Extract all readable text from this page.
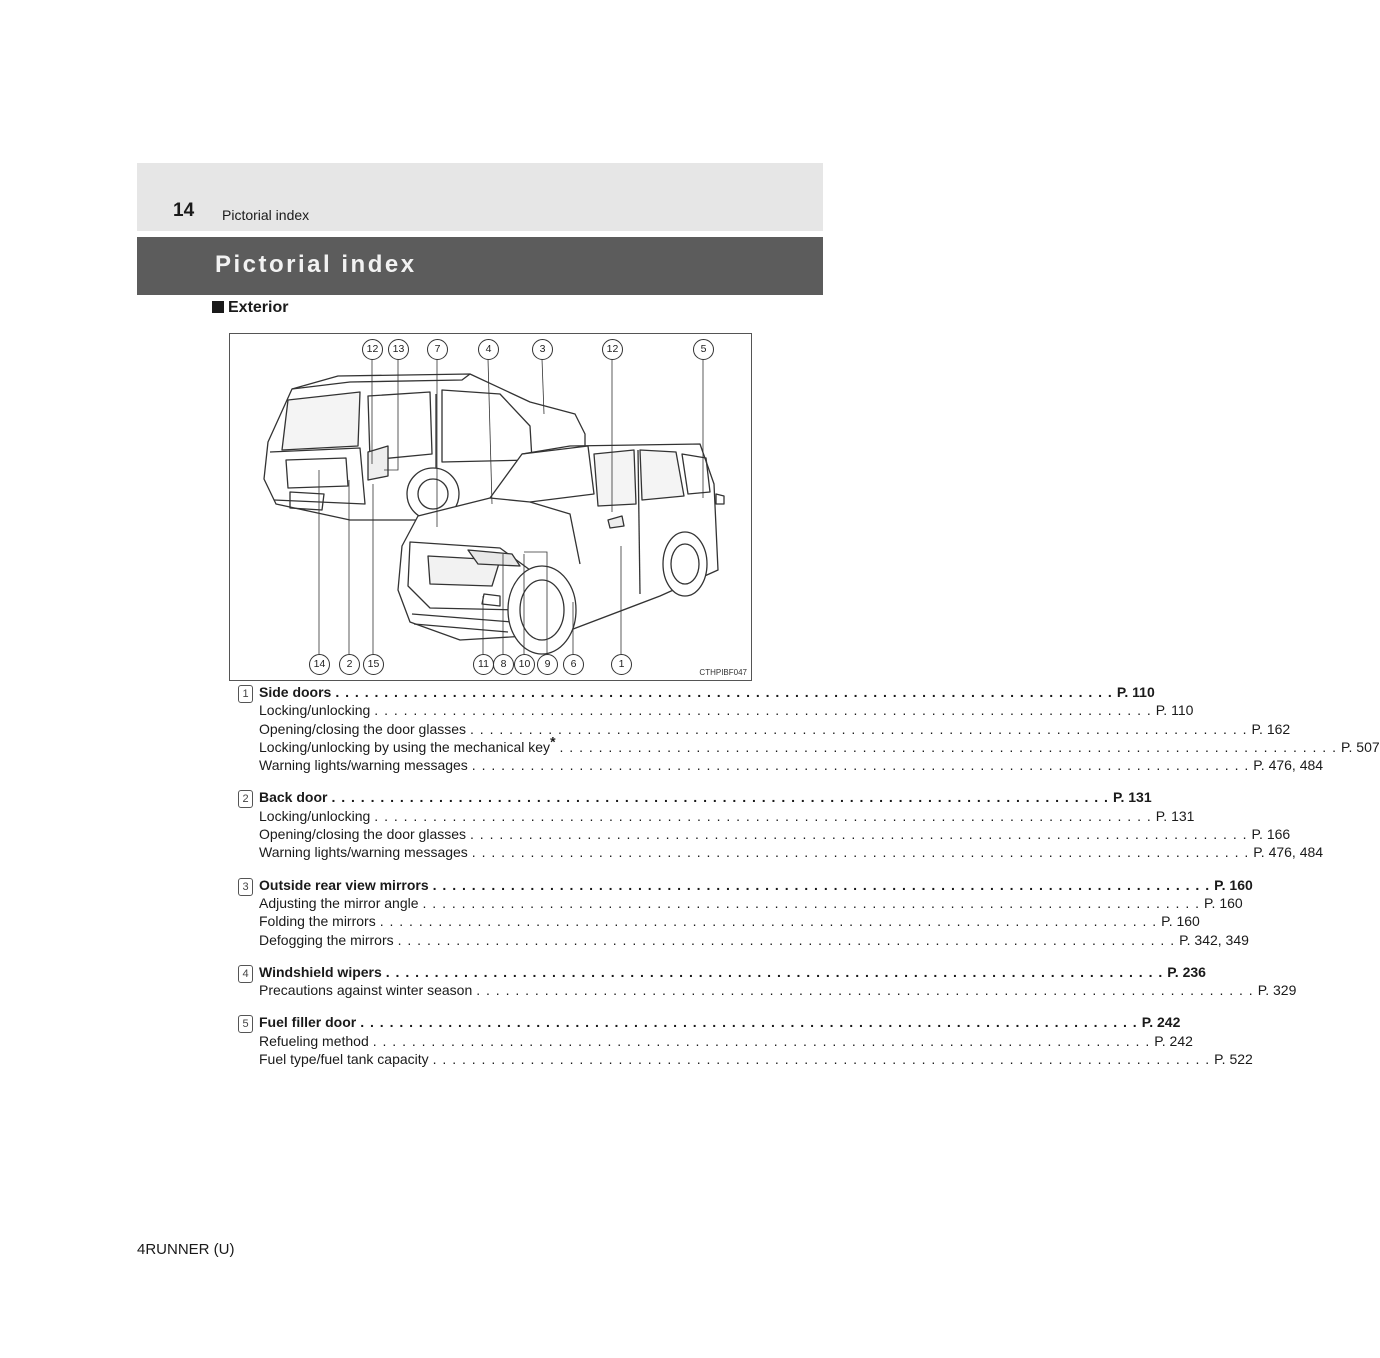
14 Pictorial index
Pictorial index
Exterior
12	13	7	4	3	12	5
14	2	15	11	8	10	9	6	1
CTHPIBF047
1 Side doors . . . . . . . . . . . . . . . . . . . . . . . . . . . . . . . . . . . . . . . . . . . . . . . . . . . . . . . . . . . . . . . . . . . . . . . . . . . . . . . . P. 110
Locking/unlocking . . . . . . . . . . . . . . . . . . . . . . . . . . . . . . . . . . . . . . . . . . . . . . . . . . . . . . . . . . . . . . . . . . . . . . . . . . . . . . . . P. 110
Opening/closing the door glasses . . . . . . . . . . . . . . . . . . . . . . . . . . . . . . . . . . . . . . . . . . . . . . . . . . . . . . . . . . . . . . . . . . . . . . . . . . . . . . . . P. 162
Locking/unlocking by using the mechanical key* . . . . . . . . . . . . . . . . . . . . . . . . . . . . . . . . . . . . . . . . . . . . . . . . . . . . . . . . . . . . . . . . . . . . . . . . . . . . . . . . P. 507
Warning lights/warning messages . . . . . . . . . . . . . . . . . . . . . . . . . . . . . . . . . . . . . . . . . . . . . . . . . . . . . . . . . . . . . . . . . . . . . . . . . . . . . . . . P. 476, 484
2 Back door . . . . . . . . . . . . . . . . . . . . . . . . . . . . . . . . . . . . . . . . . . . . . . . . . . . . . . . . . . . . . . . . . . . . . . . . . . . . . . . . P. 131
Locking/unlocking . . . . . . . . . . . . . . . . . . . . . . . . . . . . . . . . . . . . . . . . . . . . . . . . . . . . . . . . . . . . . . . . . . . . . . . . . . . . . . . . P. 131
Opening/closing the door glasses . . . . . . . . . . . . . . . . . . . . . . . . . . . . . . . . . . . . . . . . . . . . . . . . . . . . . . . . . . . . . . . . . . . . . . . . . . . . . . . . P. 166
Warning lights/warning messages . . . . . . . . . . . . . . . . . . . . . . . . . . . . . . . . . . . . . . . . . . . . . . . . . . . . . . . . . . . . . . . . . . . . . . . . . . . . . . . . P. 476, 484
3 Outside rear view mirrors . . . . . . . . . . . . . . . . . . . . . . . . . . . . . . . . . . . . . . . . . . . . . . . . . . . . . . . . . . . . . . . . . . . . . . . . . . . . . . . . P. 160
Adjusting the mirror angle . . . . . . . . . . . . . . . . . . . . . . . . . . . . . . . . . . . . . . . . . . . . . . . . . . . . . . . . . . . . . . . . . . . . . . . . . . . . . . . . P. 160
Folding the mirrors . . . . . . . . . . . . . . . . . . . . . . . . . . . . . . . . . . . . . . . . . . . . . . . . . . . . . . . . . . . . . . . . . . . . . . . . . . . . . . . . P. 160
Defogging the mirrors . . . . . . . . . . . . . . . . . . . . . . . . . . . . . . . . . . . . . . . . . . . . . . . . . . . . . . . . . . . . . . . . . . . . . . . . . . . . . . . . P. 342, 349
4 Windshield wipers . . . . . . . . . . . . . . . . . . . . . . . . . . . . . . . . . . . . . . . . . . . . . . . . . . . . . . . . . . . . . . . . . . . . . . . . . . . . . . . . P. 236
Precautions against winter season . . . . . . . . . . . . . . . . . . . . . . . . . . . . . . . . . . . . . . . . . . . . . . . . . . . . . . . . . . . . . . . . . . . . . . . . . . . . . . . . P. 329
5 Fuel filler door . . . . . . . . . . . . . . . . . . . . . . . . . . . . . . . . . . . . . . . . . . . . . . . . . . . . . . . . . . . . . . . . . . . . . . . . . . . . . . . . P. 242
Refueling method . . . . . . . . . . . . . . . . . . . . . . . . . . . . . . . . . . . . . . . . . . . . . . . . . . . . . . . . . . . . . . . . . . . . . . . . . . . . . . . . P. 242
Fuel type/fuel tank capacity . . . . . . . . . . . . . . . . . . . . . . . . . . . . . . . . . . . . . . . . . . . . . . . . . . . . . . . . . . . . . . . . . . . . . . . . . . . . . . . . P. 522
4RUNNER (U)
